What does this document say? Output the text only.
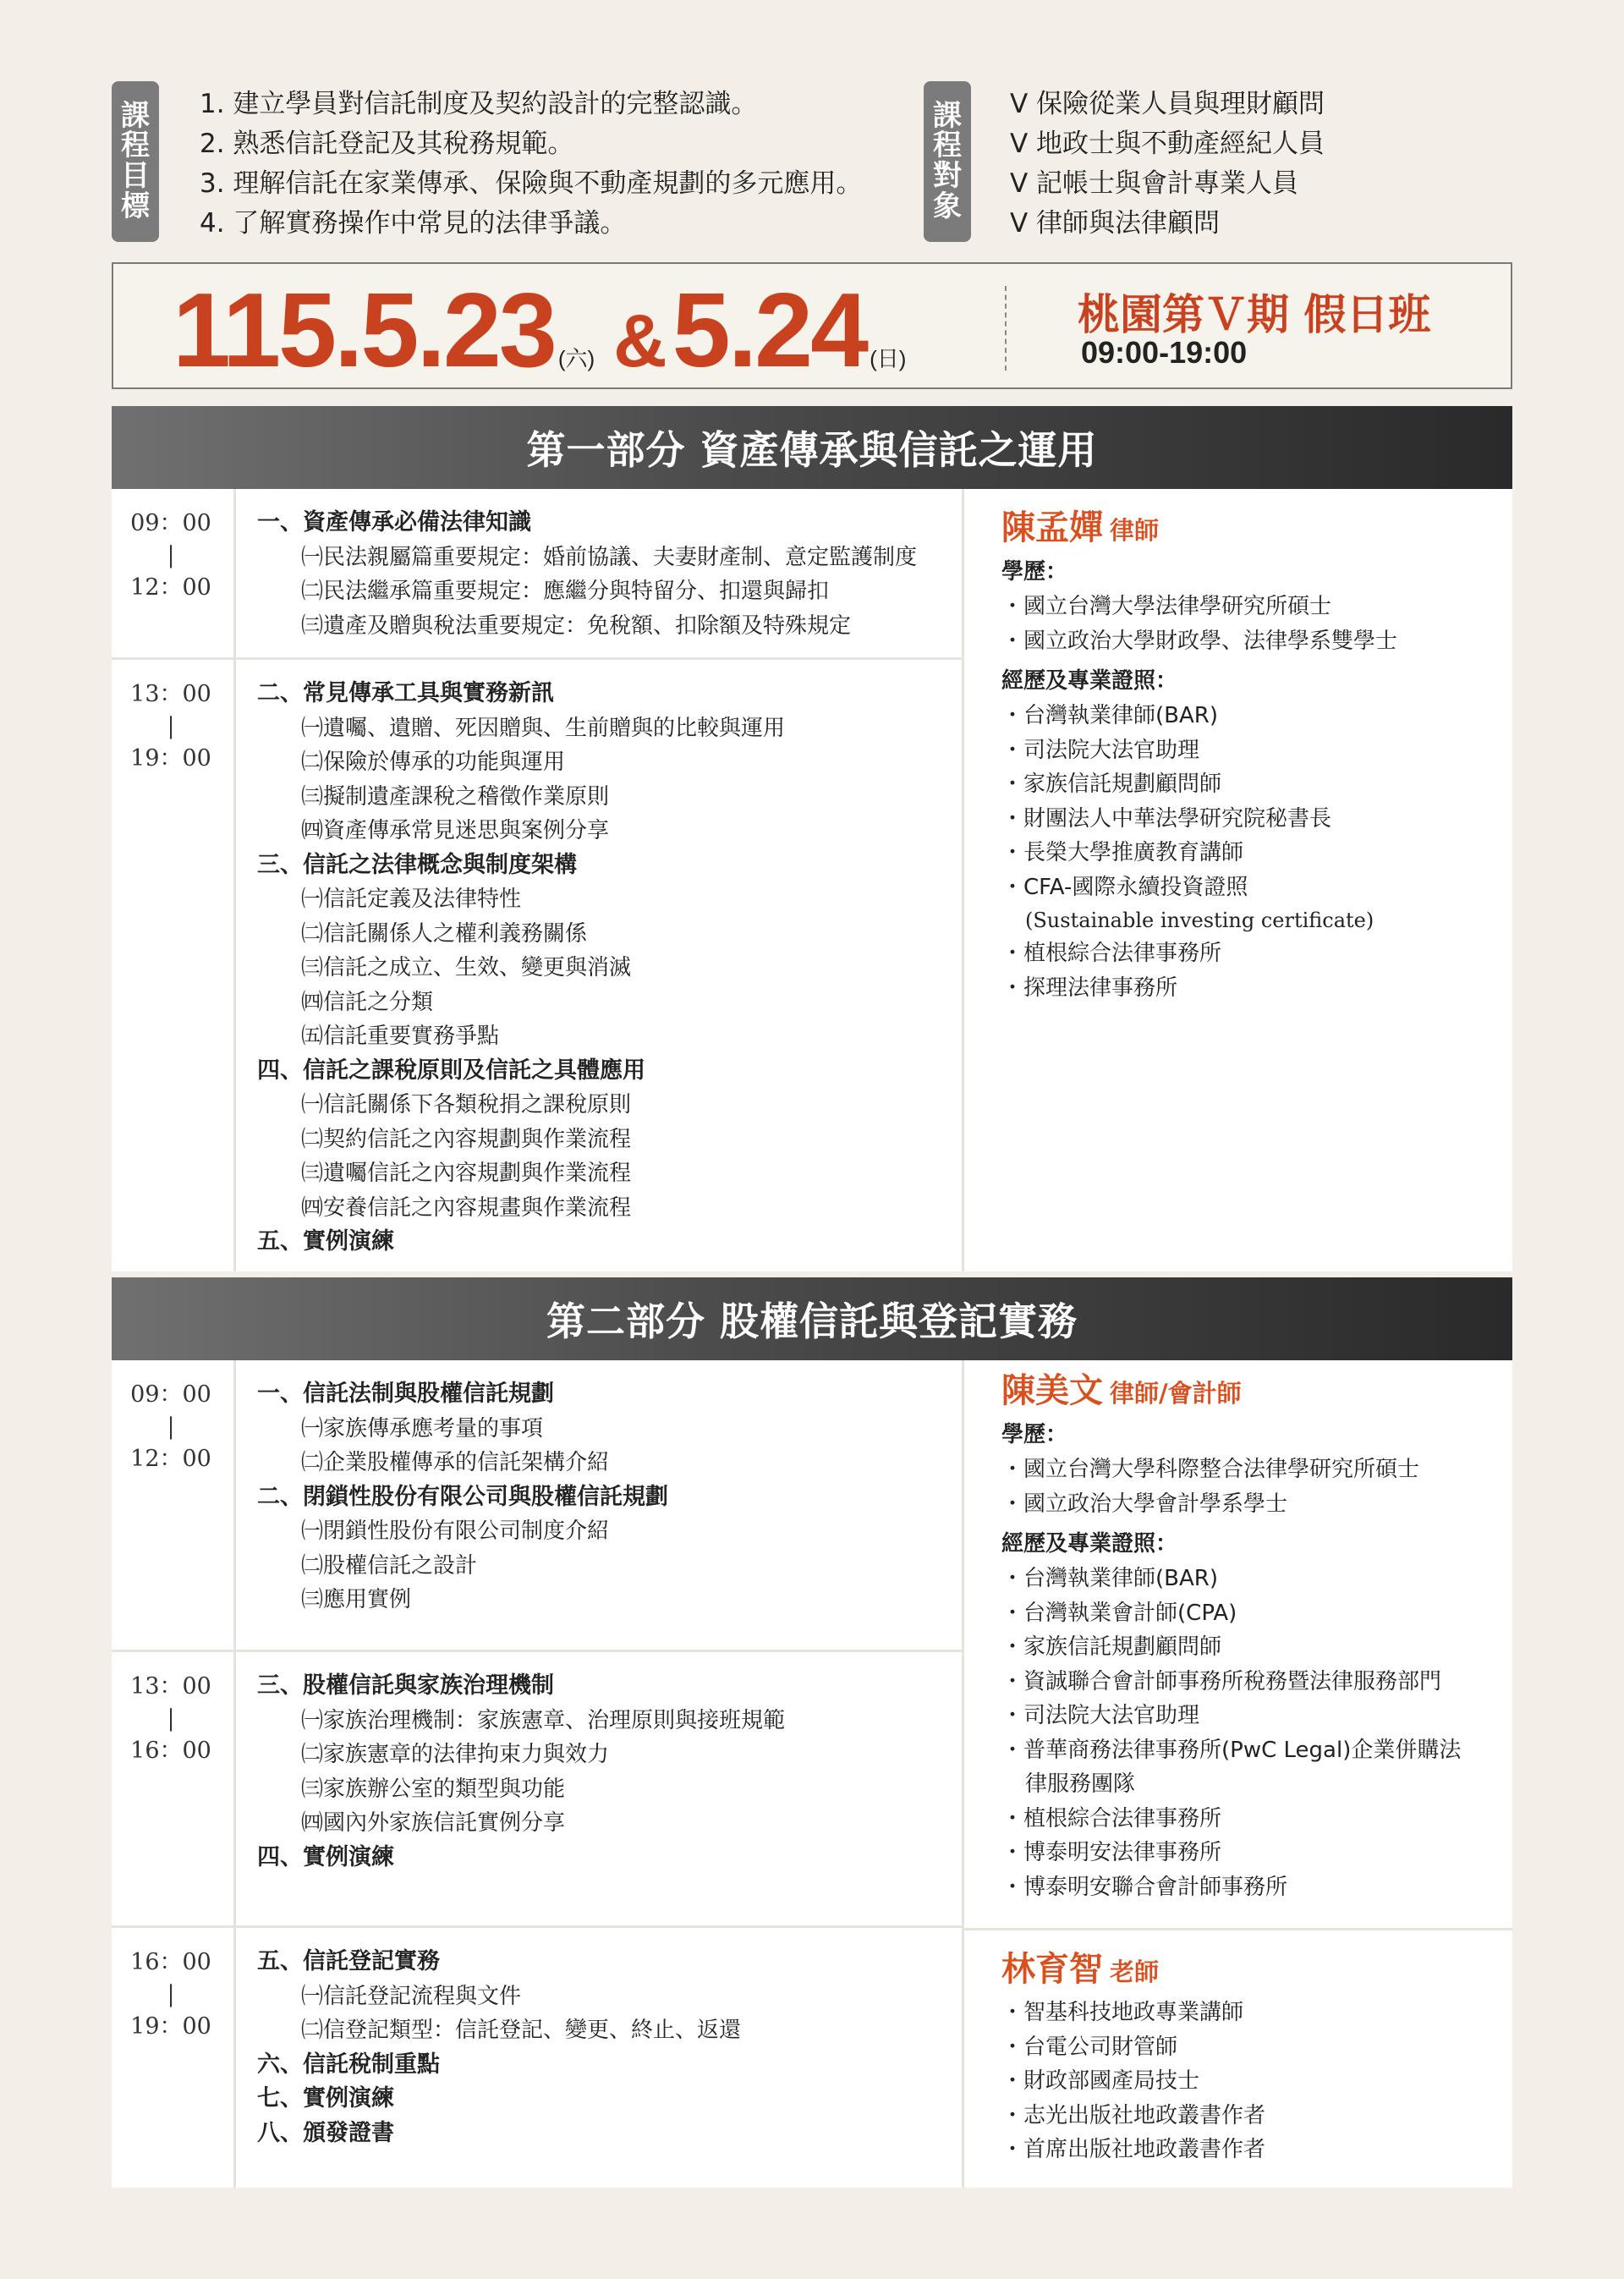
課
程
目
標
1. 建立學員對信託制度及契約設計的完整認識。
2. 熟悉信託登記及其稅務規範。
3. 理解信託在家業傳承、保險與不動產規劃的多元應用。
4. 了解實務操作中常見的法律爭議。
課
程
對
象
V 保險從業人員與理財顧問
V 地政士與不動產經紀人員
V 記帳士與會計專業人員
V 律師與法律顧問
115.5.23 (六) &5.24 (日)
桃園第Ｖ期 假日班
09:00-19:00
第一部分 資產傳承與信託之運用
09：00
|
12：00
一、資產傳承必備法律知識
㈠民法親屬篇重要規定：婚前協議、夫妻財產制、意定監護制度
㈡民法繼承篇重要規定：應繼分與特留分、扣還與歸扣
㈢遺產及贈與稅法重要規定：免稅額、扣除額及特殊規定
13：00
|
19：00
二、常見傳承工具與實務新訊
㈠遺囑、遺贈、死因贈與、生前贈與的比較與運用
㈡保險於傳承的功能與運用
㈢擬制遺產課稅之稽徵作業原則
㈣資產傳承常見迷思與案例分享
三、信託之法律概念與制度架構
㈠信託定義及法律特性
㈡信託關係人之權利義務關係
㈢信託之成立、生效、變更與消滅
㈣信託之分類
㈤信託重要實務爭點
四、信託之課稅原則及信託之具體應用
㈠信託關係下各類稅捐之課稅原則
㈡契約信託之內容規劃與作業流程
㈢遺囑信託之內容規劃與作業流程
㈣安養信託之內容規畫與作業流程
五、實例演練
陳孟嬋 律師
學歷：
・國立台灣大學法律學研究所碩士
・國立政治大學財政學、法律學系雙學士
經歷及專業證照：
・台灣執業律師(BAR)
・司法院大法官助理
・家族信託規劃顧問師
・財團法人中華法學研究院秘書長
・長榮大學推廣教育講師
・CFA-國際永續投資證照
(Sustainable investing certificate)
・植根綜合法律事務所
・探理法律事務所
第二部分 股權信託與登記實務
09：00
|
12：00
一、信託法制與股權信託規劃
㈠家族傳承應考量的事項
㈡企業股權傳承的信託架構介紹
二、閉鎖性股份有限公司與股權信託規劃
㈠閉鎖性股份有限公司制度介紹
㈡股權信託之設計
㈢應用實例
13：00
|
16：00
三、股權信託與家族治理機制
㈠家族治理機制：家族憲章、治理原則與接班規範
㈡家族憲章的法律拘束力與效力
㈢家族辦公室的類型與功能
㈣國內外家族信託實例分享
四、實例演練
16：00
|
19：00
五、信託登記實務
㈠信託登記流程與文件
㈡信登記類型：信託登記、變更、終止、返還
六、信託稅制重點
七、實例演練
八、頒發證書
陳美文 律師/會計師
學歷：
・國立台灣大學科際整合法律學研究所碩士
・國立政治大學會計學系學士
經歷及專業證照：
・台灣執業律師(BAR)
・台灣執業會計師(CPA)
・家族信託規劃顧問師
・資誠聯合會計師事務所稅務暨法律服務部門
・司法院大法官助理
・普華商務法律事務所(PwC Legal)企業併購法律服務團隊
・植根綜合法律事務所
・博泰明安法律事務所
・博泰明安聯合會計師事務所
林育智 老師
・智基科技地政專業講師
・台電公司財管師
・財政部國產局技士
・志光出版社地政叢書作者
・首席出版社地政叢書作者
